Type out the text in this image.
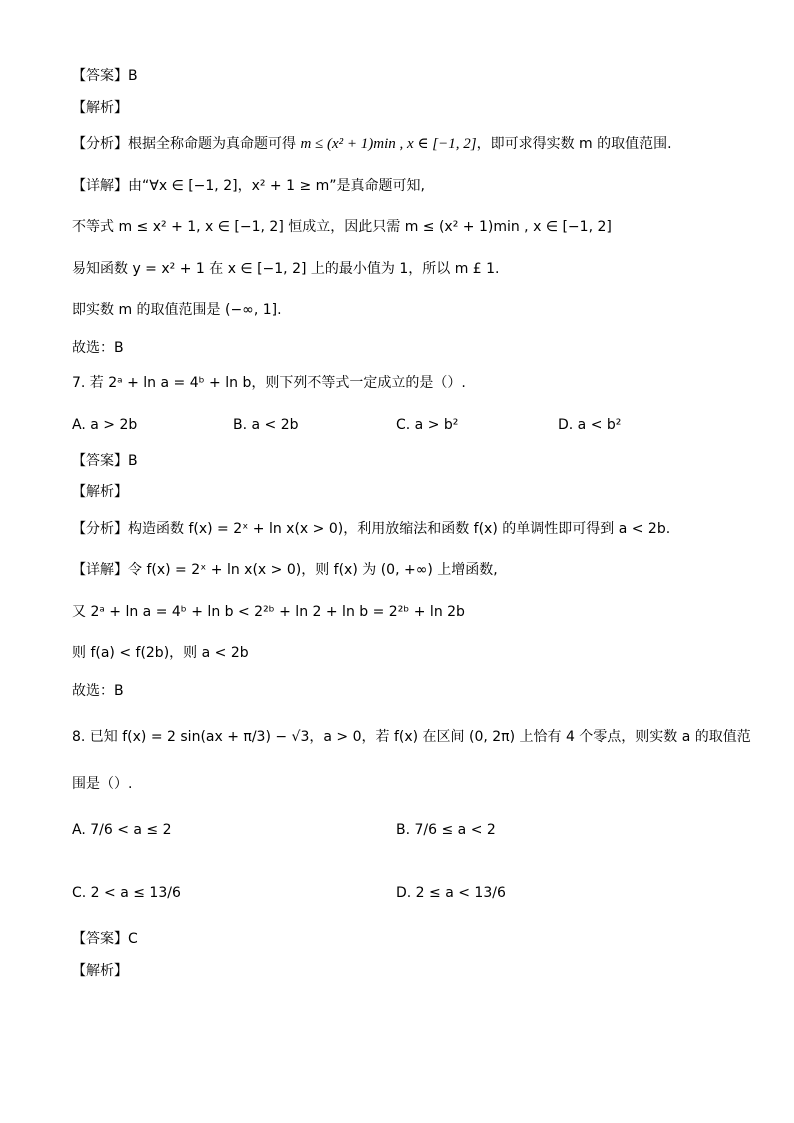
【答案】B
【解析】
【分析】根据全称命题为真命题可得 m ≤ (x² + 1)min , x ∈ [−1, 2]，即可求得实数 m 的取值范围.
【详解】由“∀x ∈ [−1, 2]，x² + 1 ≥ m”是真命题可知,
不等式 m ≤ x² + 1, x ∈ [−1, 2] 恒成立，因此只需 m ≤ (x² + 1)min , x ∈ [−1, 2]
易知函数 y = x² + 1 在 x ∈ [−1, 2] 上的最小值为 1，所以 m £ 1.
即实数 m 的取值范围是 (−∞, 1].
故选：B
7. 若 2ᵃ + ln a = 4ᵇ + ln b，则下列不等式一定成立的是（）.
A. a > 2b	B. a < 2b	C. a > b²	D. a < b²
【答案】B
【解析】
【分析】构造函数 f(x) = 2ˣ + ln x(x > 0)，利用放缩法和函数 f(x) 的单调性即可得到 a < 2b.
【详解】令 f(x) = 2ˣ + ln x(x > 0)，则 f(x) 为 (0, +∞) 上增函数,
又 2ᵃ + ln a = 4ᵇ + ln b < 2²ᵇ + ln 2 + ln b = 2²ᵇ + ln 2b
则 f(a) < f(2b)，则 a < 2b
故选：B
8. 已知 f(x) = 2 sin(ax + π/3) − √3，a > 0，若 f(x) 在区间 (0, 2π) 上恰有 4 个零点，则实数 a 的取值范
围是（）.
A. 7/6 < a ≤ 2	B. 7/6 ≤ a < 2
C. 2 < a ≤ 13/6	D. 2 ≤ a < 13/6
【答案】C
【解析】
